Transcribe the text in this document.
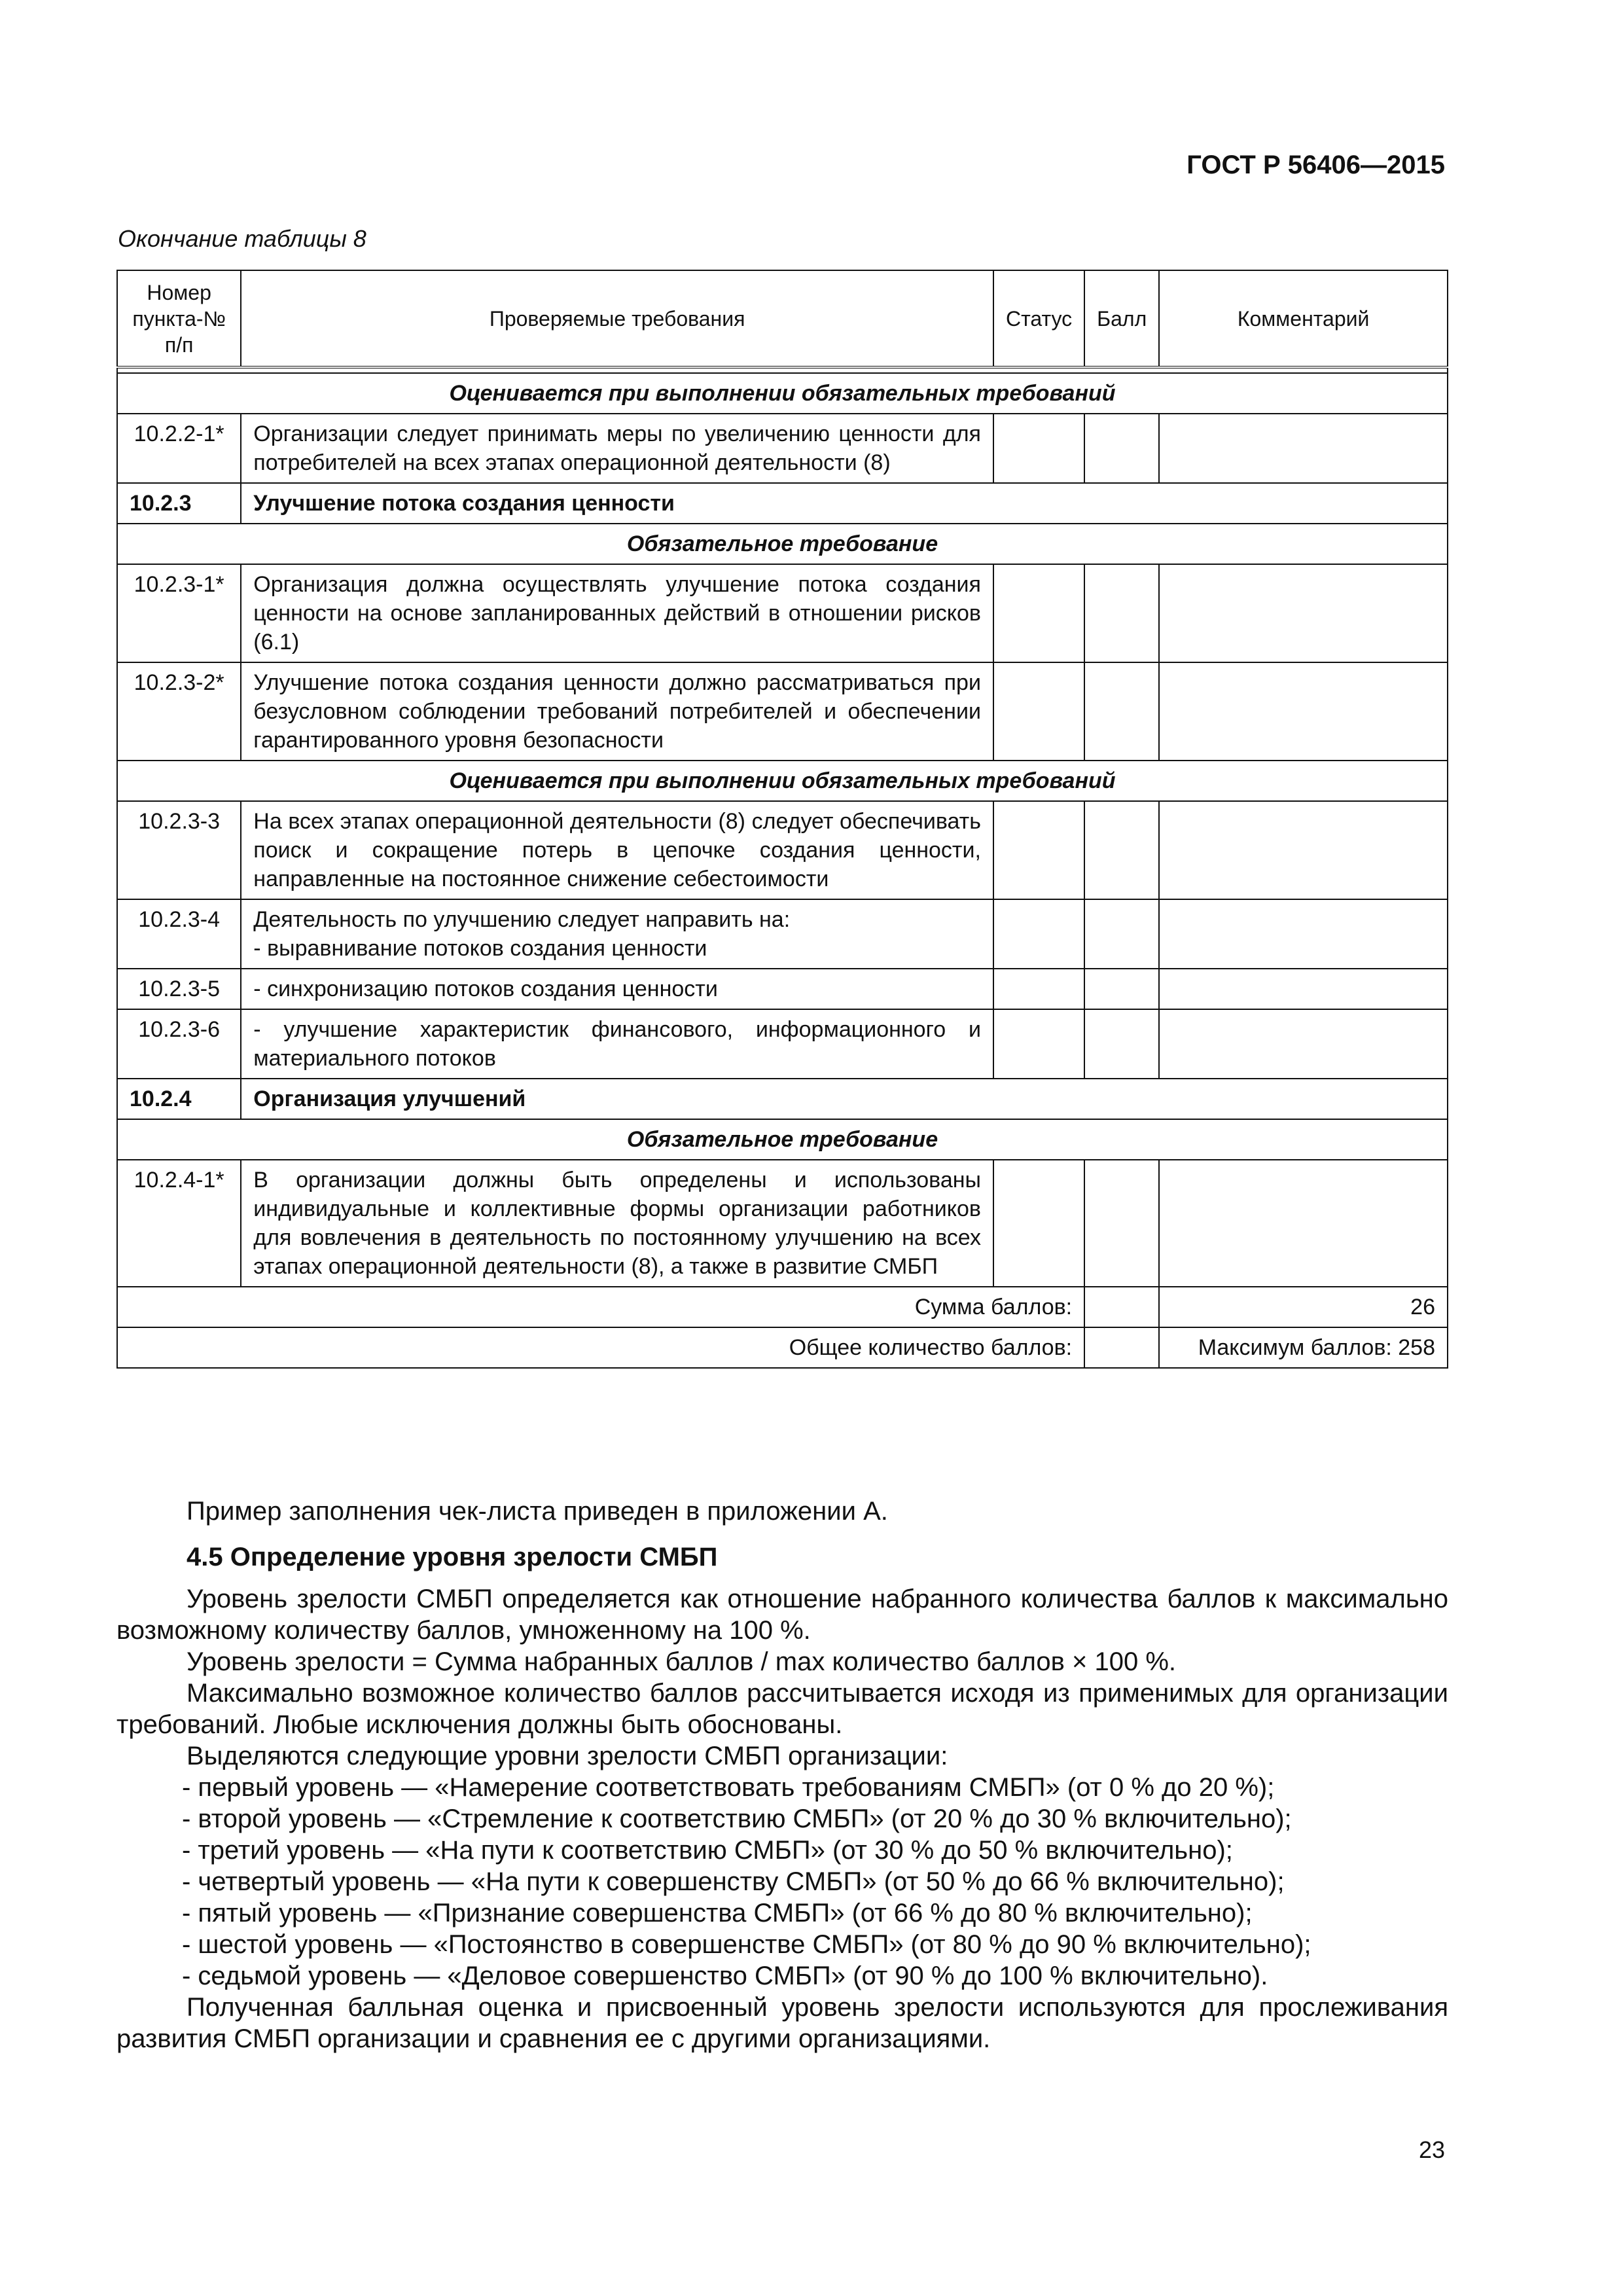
ГОСТ Р 56406—2015
Окончание таблицы 8
Номер пункта-№ п/п	Проверяемые требования	Статус	Балл	Комментарий

Оценивается при выполнении обязательных требований				
10.2.2-1*	Организации следует принимать меры по увеличению ценности для потребителей на всех этапах операционной деятельности (8)			
10.2.3	Улучшение потока создания ценности			
Обязательное требование				
10.2.3-1*	Организация должна осуществлять улучшение потока создания ценности на основе запланированных действий в отношении рисков (6.1)			
10.2.3-2*	Улучшение потока создания ценности должно рассматриваться при безусловном соблюдении требований потребителей и обеспечении гарантированного уровня безопасности			
Оценивается при выполнении обязательных требований				
10.2.3-3	На всех этапах операционной деятельности (8) следует обеспечивать поиск и сокращение потерь в цепочке создания ценности, направленные на постоянное снижение себестоимости			
10.2.3-4	Деятельность по улучшению следует направить на:
- выравнивание потоков создания ценности			
10.2.3-5	- синхронизацию потоков создания ценности			
10.2.3-6	- улучшение характеристик финансового, информационного и материального потоков			
10.2.4	Организация улучшений			
Обязательное требование				
10.2.4-1*	В организации должны быть определены и использованы индивидуальные и коллективные формы организации работников для вовлечения в деятельность по постоянному улучшению на всех этапах операционной деятельности (8), а также в развитие СМБП			
Сумма баллов:				26
Общее количество баллов:				Максимум баллов: 258

Пример заполнения чек-листа приведен в приложении А.

4.5 Определение уровня зрелости СМБП

Уровень зрелости СМБП определяется как отношение набранного количества баллов к максимально возможному количеству баллов, умноженному на 100 %.

Уровень зрелости = Сумма набранных баллов / max количество баллов × 100 %.

Максимально возможное количество баллов рассчитывается исходя из применимых для организации требований. Любые исключения должны быть обоснованы.

Выделяются следующие уровни зрелости СМБП организации:

- первый уровень — «Намерение соответствовать требованиям СМБП» (от 0 % до 20 %);

- второй уровень — «Стремление к соответствию СМБП» (от 20 % до 30 % включительно);

- третий уровень — «На пути к соответствию СМБП» (от 30 % до 50 % включительно);

- четвертый уровень — «На пути к совершенству СМБП» (от 50 % до 66 % включительно);

- пятый уровень — «Признание совершенства СМБП» (от 66 % до 80 % включительно);

- шестой уровень — «Постоянство в совершенстве СМБП» (от 80 % до 90 % включительно);

- седьмой уровень — «Деловое совершенство СМБП» (от 90 % до 100 % включительно).

Полученная балльная оценка и присвоенный уровень зрелости используются для прослеживания развития СМБП организации и сравнения ее с другими организациями.

23
